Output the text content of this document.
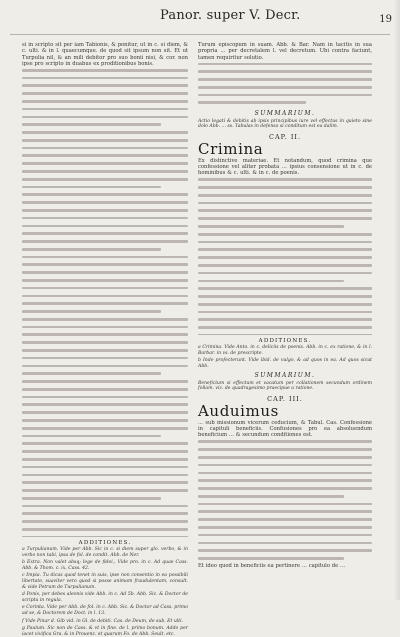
Panor. super V. Decr.	19

si in scripto sit per iam Tabionis, & ponitur, ut in c. si diem, & c. ulti. & in l. quaecumque. de quod sit ipsum non sit. Et ut Turpulia nil, & an mili debitor pro suo bonii nisi, & cor. non ipse pro scripto in duabus ex proditionibus bonis.

ADDITIONES.

a Turpulianum. Vide per Abb. Sic in c. si diem super glo. verbo, & in verbo non tabi, ipsa de fol. de condit. Abb. de Ner.

b Extra. Non valet absq; lege de fidei,. Vide pro. in c. Ad quae Cass. Abb. & Thom. c. ix, Cass. 42.

c Impia. Tu dicas quod tenet in suis, ipse non consentio in ea possibili libertate, suaviter vero quod si posse animam fraudulentam, consult. & vide Petrum de Turpulianum.

d Ponis, per debes aleonis vide Abb. in c. Ad 5b. Abb. Sic. & Doctor de scriptu in regula.

e Corinta. Vide per Abb. de fol. in c. Abb. Sic. & Doctor ad Cass. primo ad se, & Doctorem de Doct. in l. 13.

f Vide Pinar d. Gib vid. in Gl. de debiti. Cas. de Deum, de sub. Et ulti.

g Paulum. Sic non de Cass. & vt in fine. de l. primo bonum. Addo per iacet vivifica Gra. & in Prouenz. et quarum Fo. de Abb. Seult. etc.

Turum episcopum in suam. Abb. & Bar. Nam in tacitis in sua propria ... per decretalem l. vel decretum. Ubi contra faciunt, tamen requiritur solutio.

SUMMARIUM.

Actio legati & debitis ab ipsis principibus iure vel effectus in quieto sine dolo Abb. ... ss. Tabulas in defenso si conditum est ea dalim.

CAP. II.
Crimina

Ex distinctive materiae. Et notandum, quod crimina que confessione vel aliter probata ... ipsius consensione ut in c. de hominibus & c. ulti. & in c. de poenis.

ADDITIONES.

a Crimina. Vide Anto. in c. deliciis de poenis. Abb. in c. ex ratione, & in l. Barbar. in vs. de prescripte.

b Inde profecterunt. Vide ibid. de vulgo, & ad quos in ea. Ad quos sicut Abb.

SUMMARIUM.

Beneficium si effectum et vacatum per collationem secundum ordinem follam. viz. de quadragesimo praecipue a ratione.

CAP. III.
Auduimus

... sub missionum vicerum ceducium, & Tabul. Cas. Confessione in capituli beneficiis. Confusiones pro ea absoluendum beneficium ... & secundum conditiones est.

Et ideo quod in beneficiis ea pertinere ... capitulo de ...
